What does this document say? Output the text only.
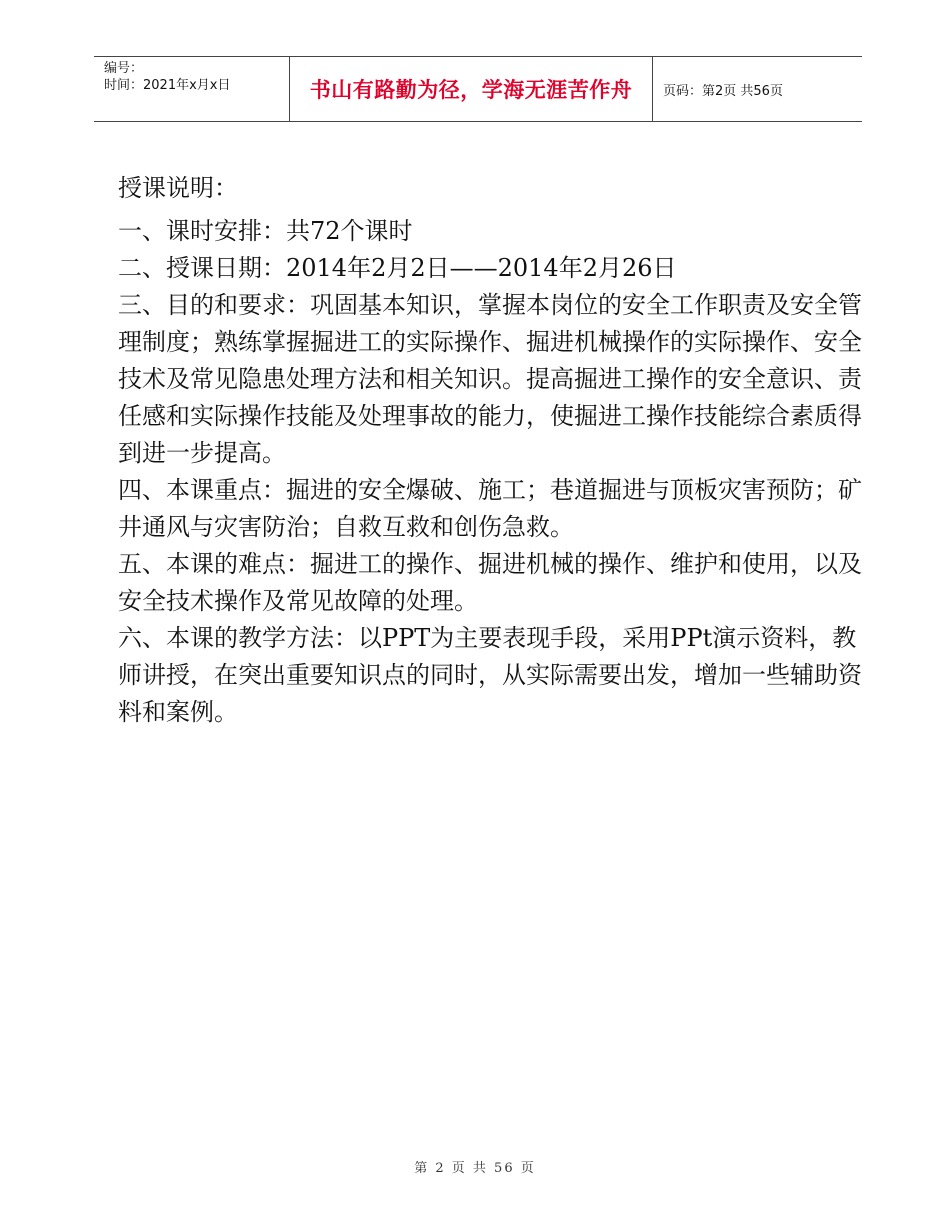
编号：
时间：2021年x月x日	书山有路勤为径，学海无涯苦作舟 页码：第2页 共56页

授课说明：

一、课时安排：共72个课时

二、授课日期：2014年2月2日——2014年2月26日

三、目的和要求：巩固基本知识，掌握本岗位的安全工作职责及安全管理制度；熟练掌握掘进工的实际操作、掘进机械操作的实际操作、安全技术及常见隐患处理方法和相关知识。提高掘进工操作的安全意识、责任感和实际操作技能及处理事故的能力，使掘进工操作技能综合素质得到进一步提高。

四、本课重点：掘进的安全爆破、施工；巷道掘进与顶板灾害预防；矿井通风与灾害防治；自救互救和创伤急救。

五、本课的难点：掘进工的操作、掘进机械的操作、维护和使用，以及安全技术操作及常见故障的处理。

六、本课的教学方法：以PPT为主要表现手段，采用PPt演示资料，教师讲授，在突出重要知识点的同时，从实际需要出发，增加一些辅助资料和案例。

第 2 页 共 56 页
